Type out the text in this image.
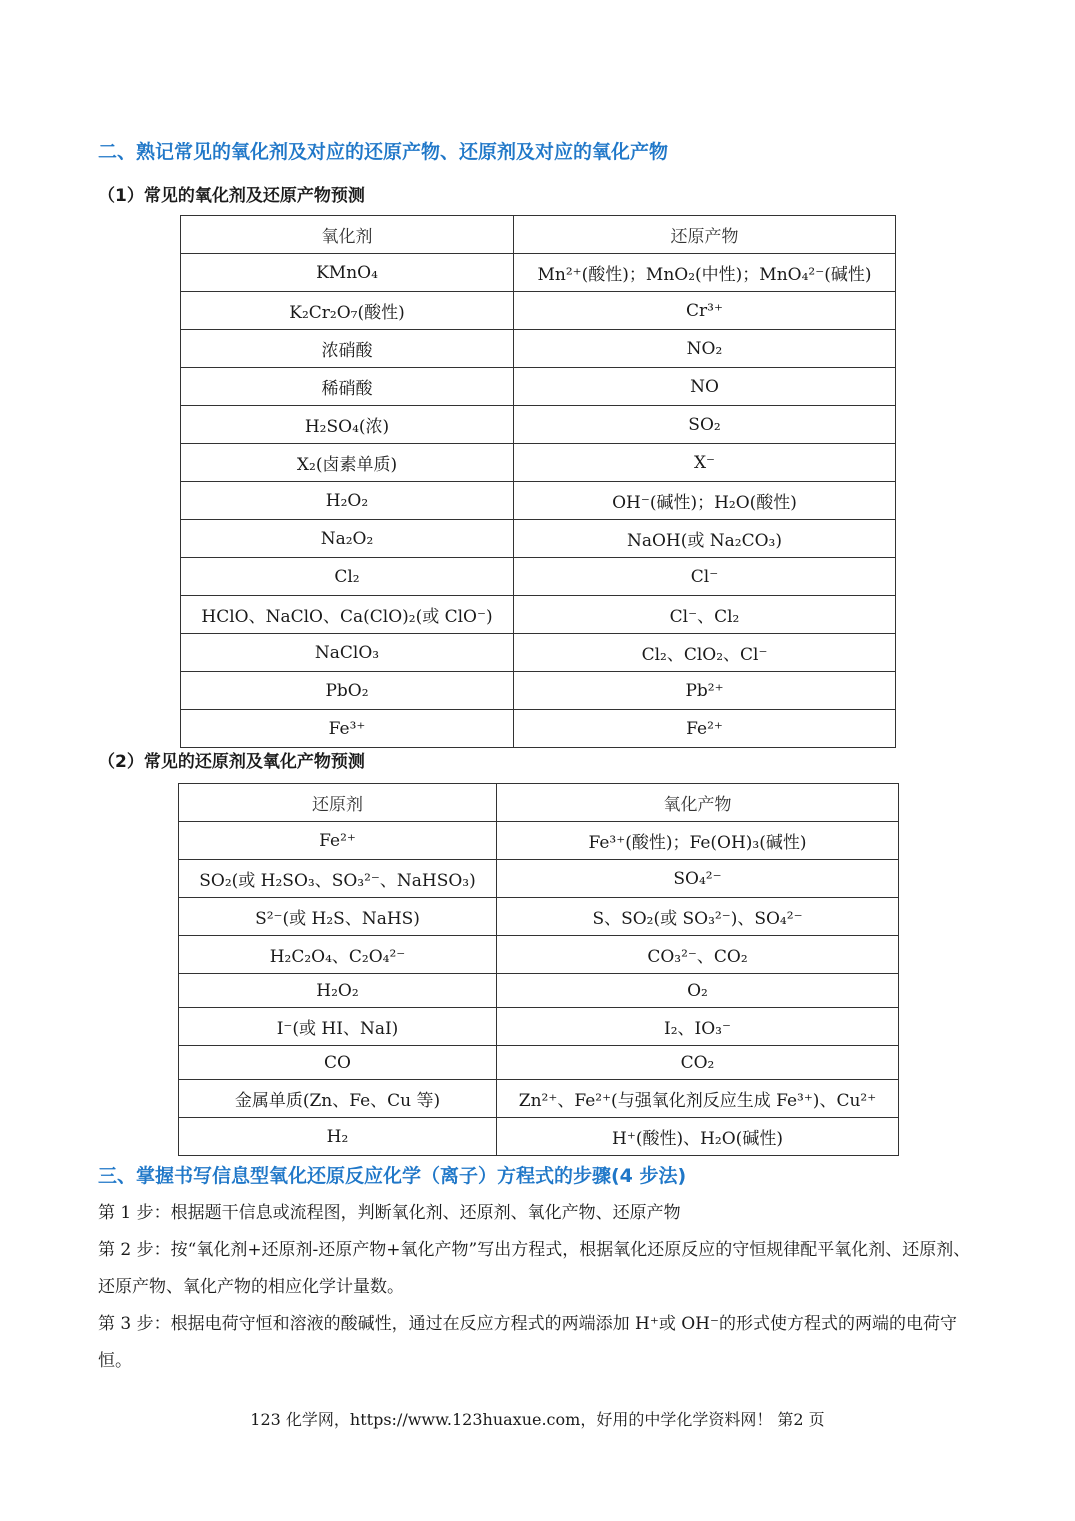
二、熟记常见的氧化剂及对应的还原产物、还原剂及对应的氧化产物
（1）常见的氧化剂及还原产物预测
氧化剂	还原产物
KMnO₄	Mn²⁺(酸性)；MnO₂(中性)；MnO₄²⁻(碱性)
K₂Cr₂O₇(酸性)	Cr³⁺
浓硝酸	NO₂
稀硝酸	NO
H₂SO₄(浓)	SO₂
X₂(卤素单质)	X⁻
H₂O₂	OH⁻(碱性)；H₂O(酸性)
Na₂O₂	NaOH(或 Na₂CO₃)
Cl₂	Cl⁻
HClO、NaClO、Ca(ClO)₂(或 ClO⁻)	Cl⁻、Cl₂
NaClO₃	Cl₂、ClO₂、Cl⁻
PbO₂	Pb²⁺
Fe³⁺	Fe²⁺
（2）常见的还原剂及氧化产物预测
还原剂	氧化产物
Fe²⁺	Fe³⁺(酸性)；Fe(OH)₃(碱性)
SO₂(或 H₂SO₃、SO₃²⁻、NaHSO₃)	SO₄²⁻
S²⁻(或 H₂S、NaHS)	S、SO₂(或 SO₃²⁻)、SO₄²⁻
H₂C₂O₄、C₂O₄²⁻	CO₃²⁻、CO₂
H₂O₂	O₂
I⁻(或 HI、NaI)	I₂、IO₃⁻
CO	CO₂
金属单质(Zn、Fe、Cu 等)	Zn²⁺、Fe²⁺(与强氧化剂反应生成 Fe³⁺)、Cu²⁺
H₂	H⁺(酸性)、H₂O(碱性)
三、掌握书写信息型氧化还原反应化学（离子）方程式的步骤(4 步法)
第 1 步：根据题干信息或流程图，判断氧化剂、还原剂、氧化产物、还原产物
第 2 步：按“氧化剂+还原剂-还原产物+氧化产物”写出方程式，根据氧化还原反应的守恒规律配平氧化剂、还原剂、还原产物、氧化产物的相应化学计量数。
第 3 步：根据电荷守恒和溶液的酸碱性，通过在反应方程式的两端添加 H⁺或 OH⁻的形式使方程式的两端的电荷守恒。
123 化学网，https://www.123huaxue.com，好用的中学化学资料网！ 第2 页
